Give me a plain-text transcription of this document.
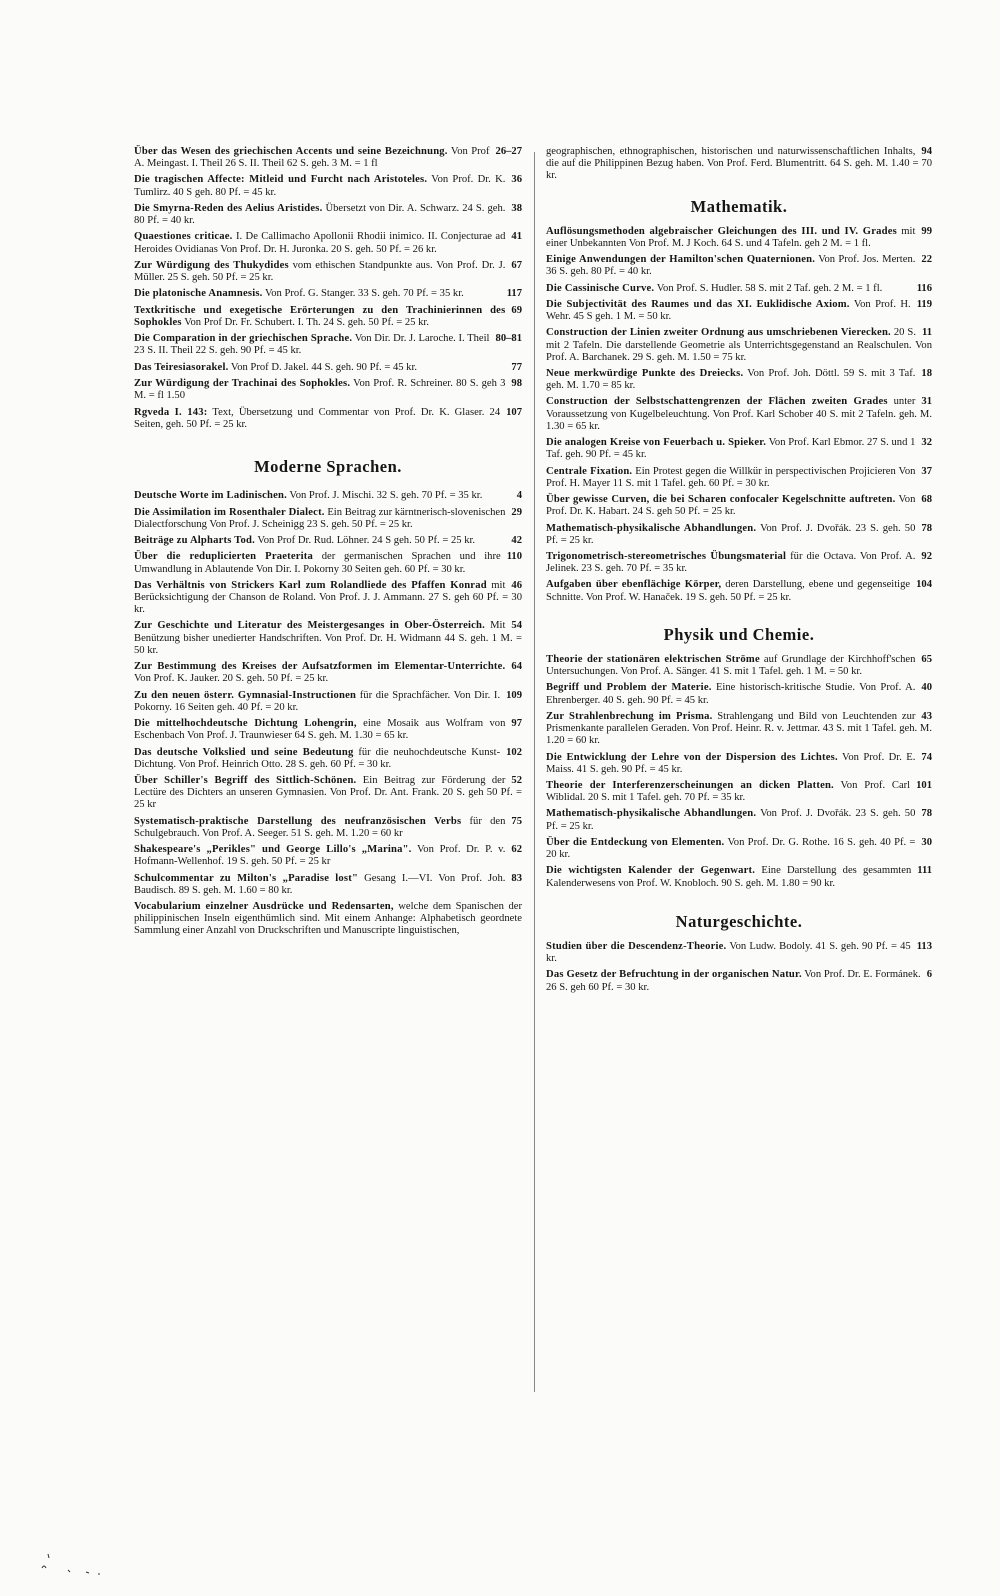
26–27
Über das Wesen des griechischen Accents und seine Bezeichnung. Von Prof A. Meingast. I. Theil 26 S. II. Theil 62 S. geh. 3 M. = 1 fl

36
Die tragischen Affecte: Mitleid und Furcht nach Aristoteles. Von Prof. Dr. K. Tumlirz. 40 S geh. 80 Pf. = 45 kr.

38
Die Smyrna-Reden des Aelius Aristides. Übersetzt von Dir. A. Schwarz. 24 S. geh. 80 Pf. = 40 kr.

41
Quaestiones criticae. I. De Callimacho Apollonii Rhodii inimico. II. Conjecturae ad Heroides Ovidianas Von Prof. Dr. H. Juronka. 20 S. geh. 50 Pf. = 26 kr.

67
Zur Würdigung des Thukydides vom ethischen Standpunkte aus. Von Prof. Dr. J. Müller. 25 S. geh. 50 Pf. = 25 kr.

117
Die platonische Anamnesis. Von Prof. G. Stanger. 33 S. geh. 70 Pf. = 35 kr.

69
Textkritische und exegetische Erörterungen zu den Trachinierinnen des Sophokles Von Prof Dr. Fr. Schubert. I. Th. 24 S. geh. 50 Pf. = 25 kr.

80–81
Die Comparation in der griechischen Sprache. Von Dir. Dr. J. Laroche. I. Theil 23 S. II. Theil 22 S. geh. 90 Pf. = 45 kr.

77
Das Teiresiasorakel. Von Prof D. Jakel. 44 S. geh. 90 Pf. = 45 kr.

98
Zur Würdigung der Trachinai des Sophokles. Von Prof. R. Schreiner. 80 S. geh 3 M. = fl 1.50

107
Rgveda I. 143: Text, Übersetzung und Commentar von Prof. Dr. K. Glaser. 24 Seiten, geh. 50 Pf. = 25 kr.

Moderne Sprachen.

4
Deutsche Worte im Ladinischen. Von Prof. J. Mischi. 32 S. geh. 70 Pf. = 35 kr.

29
Die Assimilation im Rosenthaler Dialect. Ein Beitrag zur kärntnerisch-slovenischen Dialectforschung Von Prof. J. Scheinigg 23 S. geh. 50 Pf. = 25 kr.

42
Beiträge zu Alpharts Tod. Von Prof Dr. Rud. Löhner. 24 S geh. 50 Pf. = 25 kr.

110
Über die reduplicierten Praeterita der germanischen Sprachen und ihre Umwandlung in Ablautende Von Dir. I. Pokorny 30 Seiten geh. 60 Pf. = 30 kr.

46
Das Verhältnis von Strickers Karl zum Rolandliede des Pfaffen Konrad mit Berücksichtigung der Chanson de Roland. Von Prof. J. J. Ammann. 27 S. geh 60 Pf. = 30 kr.

54
Zur Geschichte und Literatur des Meistergesanges in Ober-Österreich. Mit Benützung bisher unedierter Handschriften. Von Prof. Dr. H. Widmann 44 S. geh. 1 M. = 50 kr.

64
Zur Bestimmung des Kreises der Aufsatzformen im Elementar-Unterrichte. Von Prof. K. Jauker. 20 S. geh. 50 Pf. = 25 kr.

109
Zu den neuen österr. Gymnasial-Instructionen für die Sprachfächer. Von Dir. I. Pokorny. 16 Seiten geh. 40 Pf. = 20 kr.

97
Die mittelhochdeutsche Dichtung Lohengrin, eine Mosaik aus Wolfram von Eschenbach Von Prof. J. Traunwieser 64 S. geh. M. 1.30 = 65 kr.

102
Das deutsche Volkslied und seine Bedeutung für die neuhochdeutsche Kunst-Dichtung. Von Prof. Heinrich Otto. 28 S. geh. 60 Pf. = 30 kr.

52
Über Schiller's Begriff des Sittlich-Schönen. Ein Beitrag zur Förderung der Lectüre des Dichters an unseren Gymnasien. Von Prof. Dr. Ant. Frank. 20 S. geh 50 Pf. = 25 kr

75
Systematisch-praktische Darstellung des neufranzösischen Verbs für den Schulgebrauch. Von Prof. A. Seeger. 51 S. geh. M. 1.20 = 60 kr

62
Shakespeare's „Perikles" und George Lillo's „Marina". Von Prof. Dr. P. v. Hofmann-Wellenhof. 19 S. geh. 50 Pf. = 25 kr

83
Schulcommentar zu Milton's „Paradise lost" Gesang I.—VI. Von Prof. Joh. Baudisch. 89 S. geh. M. 1.60 = 80 kr.

Vocabularium einzelner Ausdrücke und Redensarten, welche dem Spanischen der philippinischen Inseln eigenthümlich sind. Mit einem Anhange: Alphabetisch geordnete Sammlung einer Anzahl von Druckschriften und Manuscripte linguistischen,

94
geographischen, ethnographischen, historischen und naturwissenschaftlichen Inhalts, die auf die Philippinen Bezug haben. Von Prof. Ferd. Blumentritt. 64 S. geh. M. 1.40 = 70 kr.

Mathematik.

99
Auflösungsmethoden algebraischer Gleichungen des III. und IV. Grades mit einer Unbekannten Von Prof. M. J Koch. 64 S. und 4 Tafeln. geh 2 M. = 1 fl.

22
Einige Anwendungen der Hamilton'schen Quaternionen. Von Prof. Jos. Merten. 36 S. geh. 80 Pf. = 40 kr.

116
Die Cassinische Curve. Von Prof. S. Hudler. 58 S. mit 2 Taf. geh. 2 M. = 1 fl.

119
Die Subjectivität des Raumes und das XI. Euklidische Axiom. Von Prof. H. Wehr. 45 S geh. 1 M. = 50 kr.

11
Construction der Linien zweiter Ordnung aus umschriebenen Vierecken. 20 S. mit 2 Tafeln. Die darstellende Geometrie als Unterrichtsgegenstand an Realschulen. Von Prof. A. Barchanek. 29 S. geh. M. 1.50 = 75 kr.

18
Neue merkwürdige Punkte des Dreiecks. Von Prof. Joh. Döttl. 59 S. mit 3 Taf. geh. M. 1.70 = 85 kr.

31
Construction der Selbstschattengrenzen der Flächen zweiten Grades unter Voraussetzung von Kugelbeleuchtung. Von Prof. Karl Schober 40 S. mit 2 Tafeln. geh. M. 1.30 = 65 kr.

32
Die analogen Kreise von Feuerbach u. Spieker. Von Prof. Karl Ebmor. 27 S. und 1 Taf. geh. 90 Pf. = 45 kr.

37
Centrale Fixation. Ein Protest gegen die Willkür in perspectivischen Projicieren Von Prof. H. Mayer 11 S. mit 1 Tafel. geh. 60 Pf. = 30 kr.

68
Über gewisse Curven, die bei Scharen confocaler Kegelschnitte auftreten. Von Prof. Dr. K. Habart. 24 S. geh 50 Pf. = 25 kr.

78
Mathematisch-physikalische Abhandlungen. Von Prof. J. Dvořák. 23 S. geh. 50 Pf. = 25 kr.

92
Trigonometrisch-stereometrisches Übungsmaterial für die Octava. Von Prof. A. Jelinek. 23 S. geh. 70 Pf. = 35 kr.

104
Aufgaben über ebenflächige Körper, deren Darstellung, ebene und gegenseitige Schnitte. Von Prof. W. Hanaček. 19 S. geh. 50 Pf. = 25 kr.

Physik und Chemie.

65
Theorie der stationären elektrischen Ströme auf Grundlage der Kirchhoff'schen Untersuchungen. Von Prof. A. Sänger. 41 S. mit 1 Tafel. geh. 1 M. = 50 kr.

40
Begriff und Problem der Materie. Eine historisch-kritische Studie. Von Prof. A. Ehrenberger. 40 S. geh. 90 Pf. = 45 kr.

43
Zur Strahlenbrechung im Prisma. Strahlengang und Bild von Leuchtenden zur Prismenkante parallelen Geraden. Von Prof. Heinr. R. v. Jettmar. 43 S. mit 1 Tafel. geh. M. 1.20 = 60 kr.

74
Die Entwicklung der Lehre von der Dispersion des Lichtes. Von Prof. Dr. E. Maiss. 41 S. geh. 90 Pf. = 45 kr.

101
Theorie der Interferenzerscheinungen an dicken Platten. Von Prof. Carl Wiblidal. 20 S. mit 1 Tafel. geh. 70 Pf. = 35 kr.

78
Mathematisch-physikalische Abhandlungen. Von Prof. J. Dvořák. 23 S. geh. 50 Pf. = 25 kr.

30
Über die Entdeckung von Elementen. Von Prof. Dr. G. Rothe. 16 S. geh. 40 Pf. = 20 kr.

111
Die wichtigsten Kalender der Gegenwart. Eine Darstellung des gesammten Kalenderwesens von Prof. W. Knobloch. 90 S. geh. M. 1.80 = 90 kr.

Naturgeschichte.

113
Studien über die Descendenz-Theorie. Von Ludw. Bodoly. 41 S. geh. 90 Pf. = 45 kr.

6
Das Gesetz der Befruchtung in der organischen Natur. Von Prof. Dr. E. Formánek. 26 S. geh 60 Pf. = 30 kr.
